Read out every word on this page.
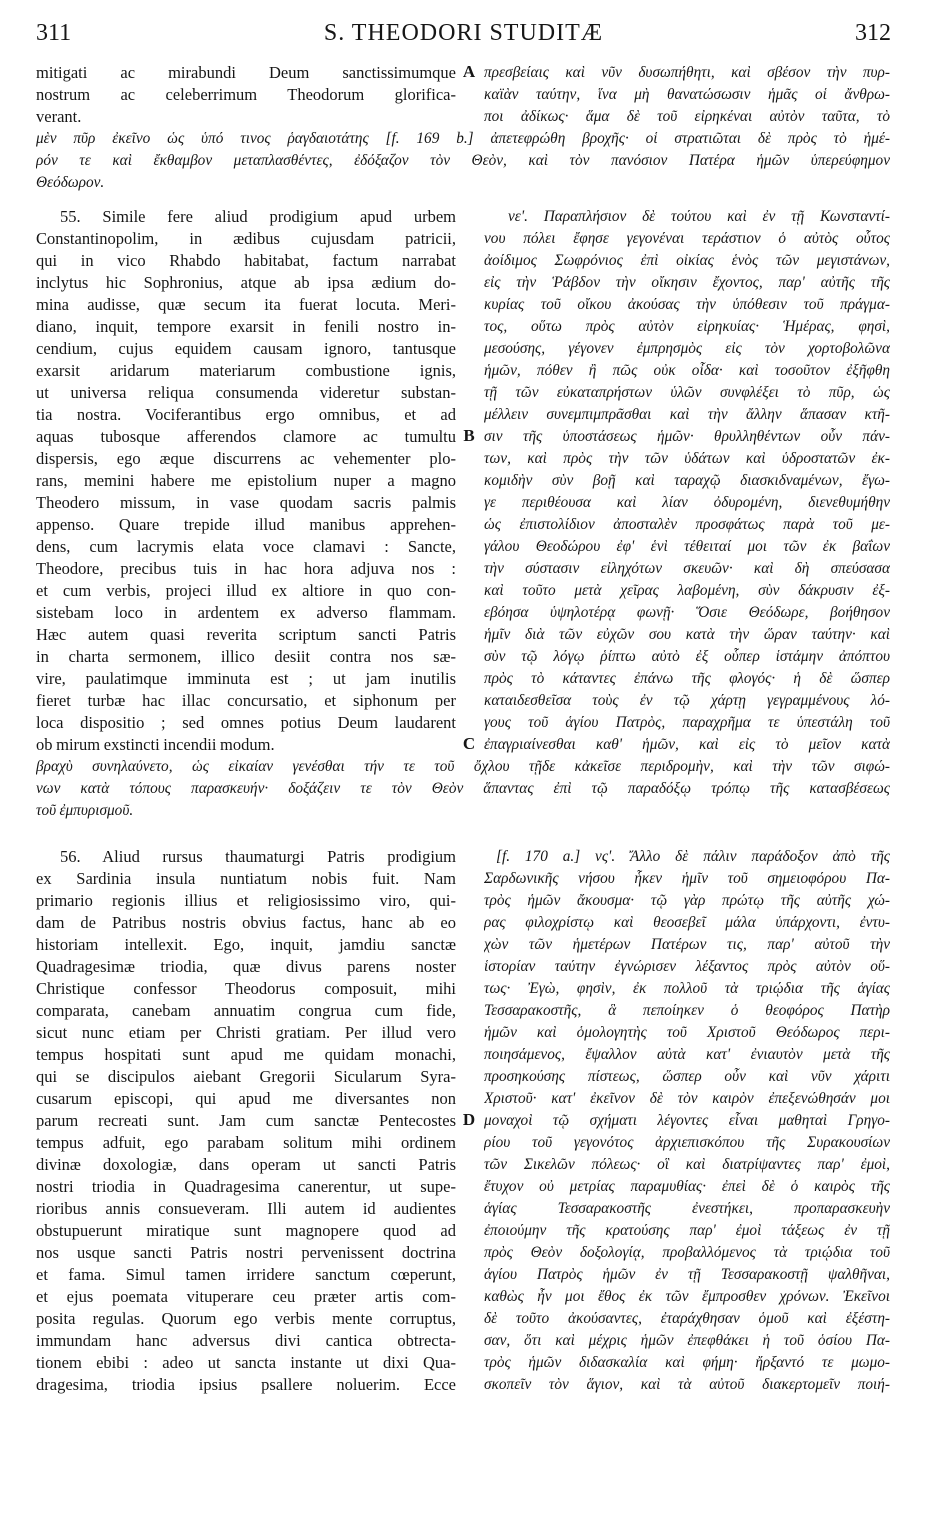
311	S. THEODORI STUDITÆ	312
mitigati ac mirabundi Deum sanctissimumque
nostrum ac celeberrimum Theodorum glorifica-
verant.
A πρεσβείαις καὶ νῦν δυσωπήθητι, καὶ σβέσον τὴν πυρ-
καϊὰν ταύτην, ἵνα μὴ θανατώσωσιν ἡμᾶς οἱ ἄνθρω-
ποι ἀδίκως· ἅμα δὲ τοῦ εἰρηκέναι αὐτὸν ταῦτα, τὸ
μὲν πῦρ ἐκεῖνο ὡς ὑπό τινος ῥαγδαιοτάτης [f. 169 b.] ἀπετεφρώθη βροχῆς· οἱ στρατιῶται δὲ πρὸς τὸ ἡμέ-
ρόν τε καὶ ἔκθαμβον μεταπλασθέντες, ἐδόξαζον τὸν Θεὸν, καὶ τὸν πανόσιον Πατέρα ἡμῶν ὑπερεύφημον
Θεόδωρον.
55. Simile fere aliud prodigium apud urbem
Constantinopolim, in ædibus cujusdam patricii,
qui in vico Rhabdo habitabat, factum narrabat
inclytus hic Sophronius, atque ab ipsa ædium do-
mina audisse, quæ secum ita fuerat locuta. Meri-
diano, inquit, tempore exarsit in fenili nostro in-
cendium, cujus equidem causam ignoro, tantusque
exarsit aridarum materiarum combustione ignis,
ut universa reliqua consumenda videretur substan-
tia nostra. Vociferantibus ergo omnibus, et ad
aquas tubosque afferendos clamore ac tumultu
dispersis, ego æque discurrens ac vehementer plo-
rans, memini habere me epistolium nuper a magno
Theodero missum, in vase quodam sacris palmis
appenso. Quare trepide illud manibus apprehen-
dens, cum lacrymis elata voce clamavi : Sancte,
Theodore, precibus tuis in hac hora adjuva nos :
et cum verbis, projeci illud ex altiore in quo con-
sistebam loco in ardentem ex adverso flammam.
Hæc autem quasi reverita scriptum sancti Patris
in charta sermonem, illico desiit contra nos sæ-
vire, paulatimque imminuta est ; ut jam inutilis
fieret turbæ hac illac concursatio, et siphonum per
loca dispositio ; sed omnes potius Deum laudarent
ob mirum exstincti incendii modum.
B
C
νε'. Παραπλήσιον δὲ τούτου καὶ ἐν τῇ Κωνσταντί-
νου πόλει ἔφησε γεγονέναι τεράστιον ὁ αὐτὸς οὗτος
ἀοίδιμος Σωφρόνιος ἐπὶ οἰκίας ἑνὸς τῶν μεγιστάνων,
εἰς τὴν Ῥάβδον τὴν οἴκησιν ἔχοντος, παρ' αὐτῆς τῆς
κυρίας τοῦ οἴκου ἀκούσας τὴν ὑπόθεσιν τοῦ πράγμα-
τος, οὕτω πρὸς αὐτὸν εἰρηκυίας· Ἡμέρας, φησὶ,
μεσούσης, γέγονεν ἐμπρησμὸς εἰς τὸν χορτοβολῶνα
ἡμῶν, πόθεν ἢ πῶς οὐκ οἶδα· καὶ τοσοῦτον ἐξῆφθη
τῇ τῶν εὐκαταπρήστων ὑλῶν συνφλέξει τὸ πῦρ, ὡς
μέλλειν συνεμπιμπρᾶσθαι καὶ τὴν ἄλλην ἅπασαν κτῆ-
σιν τῆς ὑποστάσεως ἡμῶν· θρυλληθέντων οὖν πάν-
των, καὶ πρὸς τὴν τῶν ὑδάτων καὶ ὑδροστατῶν ἐκ-
κομιδὴν σὺν βοῇ καὶ ταραχῷ διασκιδναμένων, ἔγω-
γε περιθέουσα καὶ λίαν ὀδυρομένη, διενεθυμήθην
ὡς ἐπιστολίδιον ἀποσταλὲν προσφάτως παρὰ τοῦ με-
γάλου Θεοδώρου ἐφ' ἑνὶ τέθειταί μοι τῶν ἐκ βαΐων
τὴν σύστασιν εἰληχότων σκευῶν· καὶ δὴ σπεύσασα
καὶ τοῦτο μετὰ χεῖρας λαβομένη, σὺν δάκρυσιν ἐξ-
εβόησα ὑψηλοτέρᾳ φωνῇ· Ὅσιε Θεόδωρε, βοήθησον
ἡμῖν διὰ τῶν εὐχῶν σου κατὰ τὴν ὥραν ταύτην· καὶ
σὺν τῷ λόγῳ ῥίπτω αὐτὸ ἐξ οὗπερ ἱστάμην ἀπόπτου
πρὸς τὸ κάταντες ἐπάνω τῆς φλογός· ἡ δὲ ὥσπερ
καταιδεσθεῖσα τοὺς ἐν τῷ χάρτῃ γεγραμμένους λό-
γους τοῦ ἁγίου Πατρὸς, παραχρῆμα τε ὑπεστάλη τοῦ
ἐπαγριαίνεσθαι καθ' ἡμῶν, καὶ εἰς τὸ μεῖον κατὰ
βραχὺ συνηλαύνετο, ὡς εἰκαίαν γενέσθαι τήν τε τοῦ ὄχλου τῇδε κἀκεῖσε περιδρομὴν, καὶ τὴν τῶν σιφώ-
νων κατὰ τόπους παρασκευήν· δοξάζειν τε τὸν Θεὸν ἅπαντας ἐπὶ τῷ παραδόξῳ τρόπῳ τῆς κατασβέσεως
τοῦ ἐμπυρισμοῦ.
56. Aliud rursus thaumaturgi Patris prodigium
ex Sardinia insula nuntiatum nobis fuit. Nam
primario regionis illius et religiosissimo viro, qui-
dam de Patribus nostris obvius factus, hanc ab eo
historiam intellexit. Ego, inquit, jamdiu sanctæ
Quadragesimæ triodia, quæ divus parens noster
Christique confessor Theodorus composuit, mihi
comparata, canebam annuatim congrua cum fide,
sicut nunc etiam per Christi gratiam. Per illud vero
tempus hospitati sunt apud me quidam monachi,
qui se discipulos aiebant Gregorii Sicularum Syra-
cusarum episcopi, qui apud me diversantes non
parum recreati sunt. Jam cum sanctæ Pentecostes
tempus adfuit, ego parabam solitum mihi ordinem
divinæ doxologiæ, dans operam ut sancti Patris
nostri triodia in Quadragesima canerentur, ut supe-
rioribus annis consueveram. Illi autem id audientes
obstupuerunt miratique sunt magnopere quod ad
nos usque sancti Patris nostri pervenissent doctrina
et fama. Simul tamen irridere sanctum cœperunt,
et ejus poemata vituperare ceu præter artis com-
posita regulas. Quorum ego verbis mente corruptus,
immundam hanc adversus divi cantica obtrecta-
tionem ebibi : adeo ut sancta instante ut dixi Qua-
dragesima, triodia ipsius psallere noluerim. Ecce
D
[f. 170 a.] νς'. Ἄλλο δὲ πάλιν παράδοξον ἀπὸ τῆς
Σαρδωνικῆς νήσου ἧκεν ἡμῖν τοῦ σημειοφόρου Πα-
τρὸς ἡμῶν ἄκουσμα· τῷ γὰρ πρώτῳ τῆς αὐτῆς χώ-
ρας φιλοχρίστῳ καὶ θεοσεβεῖ μάλα ὑπάρχοντι, ἐντυ-
χὼν τῶν ἡμετέρων Πατέρων τις, παρ' αὐτοῦ τὴν
ἱστορίαν ταύτην ἐγνώρισεν λέξαντος πρὸς αὐτὸν οὕ-
τως· Ἐγὼ, φησὶν, ἐκ πολλοῦ τὰ τριῴδια τῆς ἁγίας
Τεσσαρακοστῆς, ἃ πεποίηκεν ὁ θεοφόρος Πατὴρ
ἡμῶν καὶ ὁμολογητὴς τοῦ Χριστοῦ Θεόδωρος περι-
ποιησάμενος, ἔψαλλον αὐτὰ κατ' ἐνιαυτὸν μετὰ τῆς
προσηκούσης πίστεως, ὥσπερ οὖν καὶ νῦν χάριτι
Χριστοῦ· κατ' ἐκεῖνον δὲ τὸν καιρὸν ἐπεξενώθησάν μοι
μοναχοὶ τῷ σχήματι λέγοντες εἶναι μαθηταὶ Γρηγο-
ρίου τοῦ γεγονότος ἀρχιεπισκόπου τῆς Συρακουσίων
τῶν Σικελῶν πόλεως· οἳ καὶ διατρίψαντες παρ' ἐμοὶ,
ἔτυχον οὐ μετρίας παραμυθίας· ἐπεὶ δὲ ὁ καιρὸς τῆς
ἁγίας Τεσσαρακοστῆς ἐνεστήκει, προπαρασκευὴν
ἐποιούμην τῆς κρατούσης παρ' ἐμοὶ τάξεως ἐν τῇ
πρὸς Θεὸν δοξολογίᾳ, προβαλλόμενος τὰ τριῴδια τοῦ
ἁγίου Πατρὸς ἡμῶν ἐν τῇ Τεσσαρακοστῇ ψαλθῆναι,
καθὼς ἦν μοι ἔθος ἐκ τῶν ἔμπροσθεν χρόνων. Ἐκεῖνοι
δὲ τοῦτο ἀκούσαντες, ἐταράχθησαν ὁμοῦ καὶ ἐξέστη-
σαν, ὅτι καὶ μέχρις ἡμῶν ἐπεφθάκει ἡ τοῦ ὁσίου Πα-
τρὸς ἡμῶν διδασκαλία καὶ φήμη· ἤρξαντό τε μωμο-
σκοπεῖν τὸν ἅγιον, καὶ τὰ αὐτοῦ διακερτομεῖν ποιή-
